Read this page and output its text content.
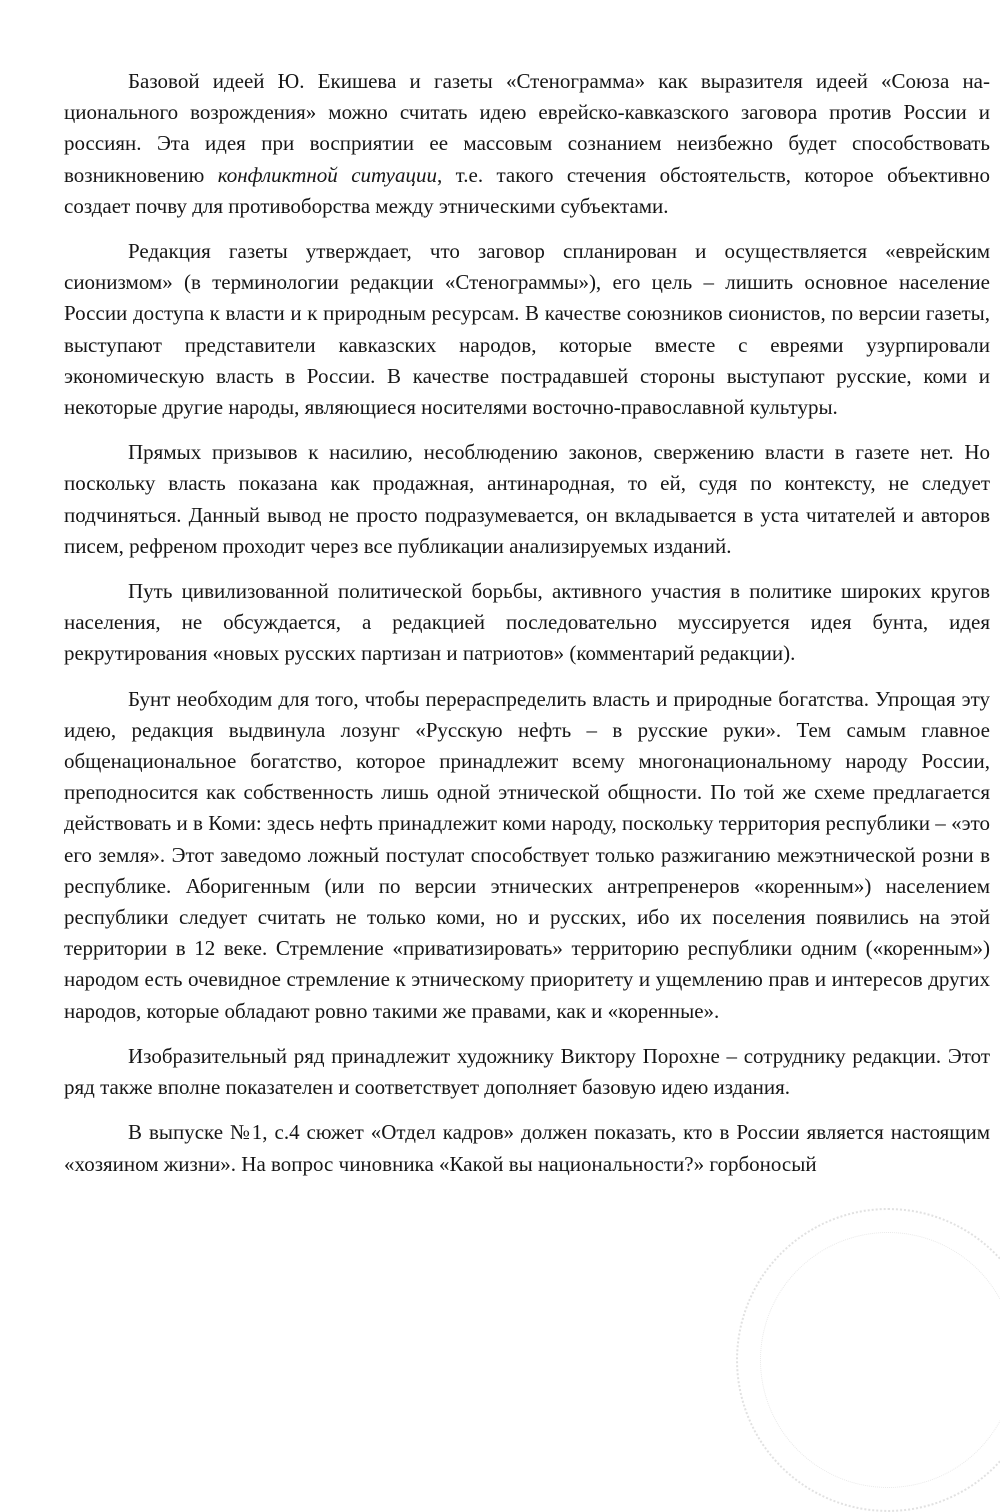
Базовой идеей Ю. Екишева и газеты «Стенограмма» как выразителя идеей «Союза национального возрождения» можно считать идею еврейско-кавказского заговора против России и россиян. Эта идея при восприятии ее массовым сознанием неизбежно будет способствовать возникновению конфликтной ситуации, т.е. такого стечения обстоятельств, которое объективно создает почву для противоборства между этническими субъектами.

Редакция газеты утверждает, что заговор спланирован и осуществляется «еврейским сионизмом» (в терминологии редакции «Стенограммы»), его цель – лишить основное население России доступа к власти и к природным ресурсам. В качестве союзников сионистов, по версии газеты, выступают представители кавказских народов, которые вместе с евреями узурпировали экономическую власть в России. В качестве пострадавшей стороны выступают русские, коми и некоторые другие народы, являющиеся носителями восточно-православной культуры.

Прямых призывов к насилию, несоблюдению законов, свержению власти в газете нет. Но поскольку власть показана как продажная, антинародная, то ей, судя по контексту, не следует подчиняться. Данный вывод не просто подразумевается, он вкладывается в уста читателей и авторов писем, рефреном проходит через все публикации анализируемых изданий.

Путь цивилизованной политической борьбы, активного участия в политике широких кругов населения, не обсуждается, а редакцией последовательно муссируется идея бунта, идея рекрутирования «новых русских партизан и патриотов» (комментарий редакции).

Бунт необходим для того, чтобы перераспределить власть и природные богатства. Упрощая эту идею, редакция выдвинула лозунг «Русскую нефть – в русские руки». Тем самым главное общенациональное богатство, которое принадлежит всему многонациональному народу России, преподносится как собственность лишь одной этнической общности. По той же схеме предлагается действовать и в Коми: здесь нефть принадлежит коми народу, поскольку территория республики – «это его земля». Этот заведомо ложный постулат способствует только разжиганию межэтнической розни в республике. Аборигенным (или по версии этнических антрепренеров «коренным») населением республики следует считать не только коми, но и русских, ибо их поселения появились на этой территории в 12 веке. Стремление «приватизировать» территорию республики одним («коренным») народом есть очевидное стремление к этническому приоритету и ущемлению прав и интересов других народов, которые обладают ровно такими же правами, как и «коренные».

Изобразительный ряд принадлежит художнику Виктору Порохне – сотруднику редакции. Этот ряд также вполне показателен и соответствует дополняет базовую идею издания.

В выпуске №1, с.4 сюжет «Отдел кадров» должен показать, кто в России является настоящим «хозяином жизни». На вопрос чиновника «Какой вы национальности?» горбоносый
